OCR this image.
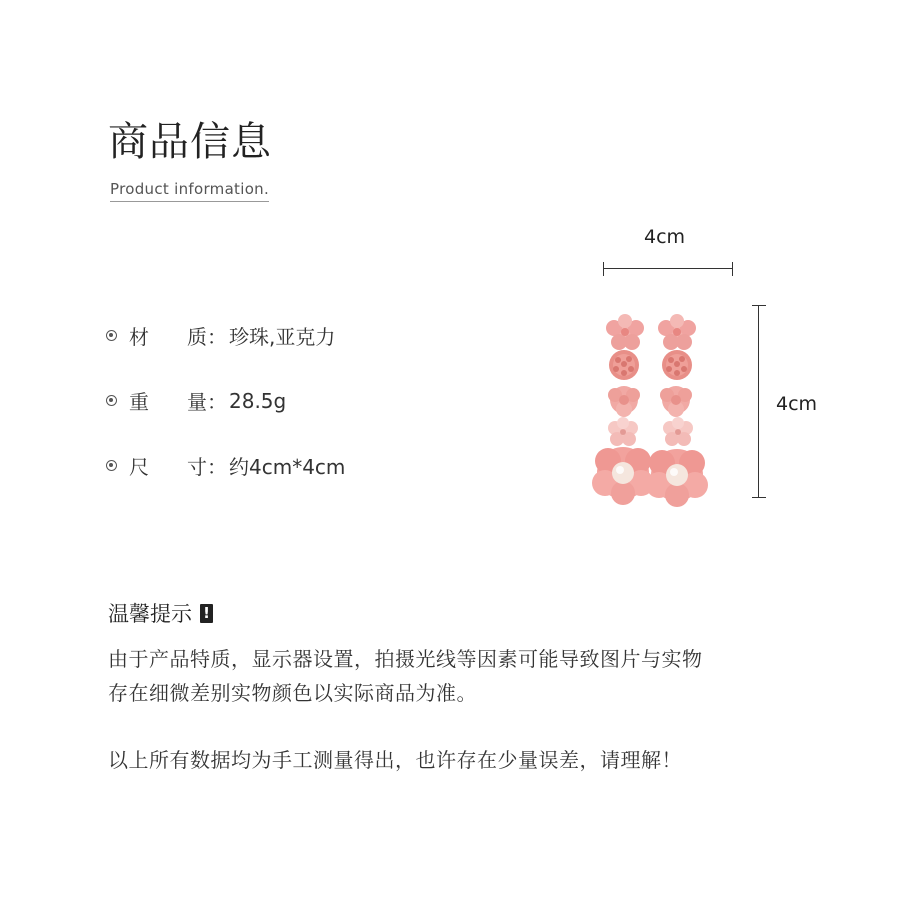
商品信息
Product information.
材	质： 珍珠,亚克力
重	量： 28.5g
尺	寸： 约4cm*4cm
4cm
4cm
温馨提示 !
由于产品特质，显示器设置，拍摄光线等因素可能导致图片与实物
存在细微差别实物颜色以实际商品为准。
以上所有数据均为手工测量得出，也许存在少量误差，请理解！
